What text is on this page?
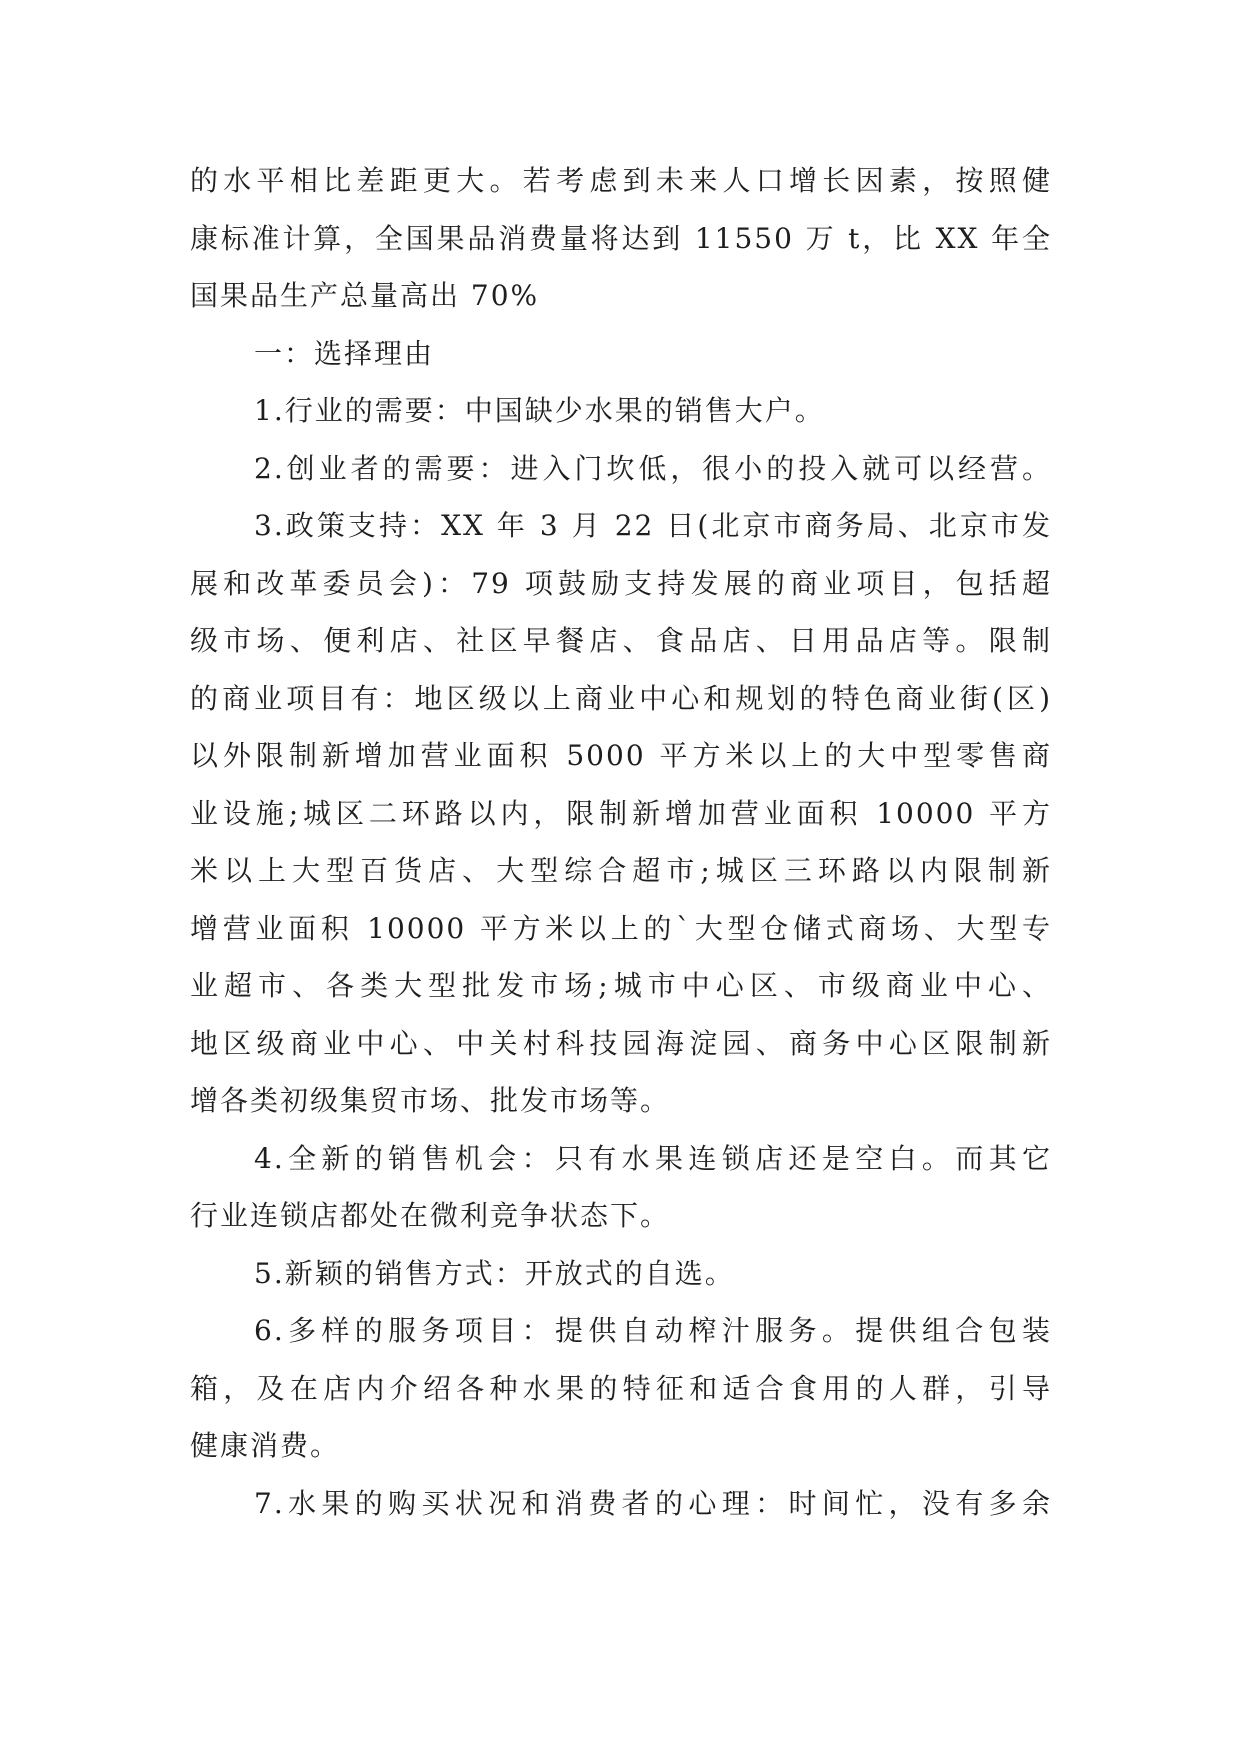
的水平相比差距更大。若考虑到未来人口增长因素，按照健
康标准计算，全国果品消费量将达到 11550 万 t，比 XX 年全
国果品生产总量高出 70%
一：选择理由
1.行业的需要：中国缺少水果的销售大户。
2.创业者的需要：进入门坎低，很小的投入就可以经营。
3.政策支持：XX 年 3 月 22 日(北京市商务局、北京市发
展和改革委员会)：79 项鼓励支持发展的商业项目，包括超
级市场、便利店、社区早餐店、食品店、日用品店等。限制
的商业项目有：地区级以上商业中心和规划的特色商业街(区)
以外限制新增加营业面积 5000 平方米以上的大中型零售商
业设施;城区二环路以内，限制新增加营业面积 10000 平方
米以上大型百货店、大型综合超市;城区三环路以内限制新
增营业面积 10000 平方米以上的`大型仓储式商场、大型专
业超市、各类大型批发市场;城市中心区、市级商业中心、
地区级商业中心、中关村科技园海淀园、商务中心区限制新
增各类初级集贸市场、批发市场等。
4.全新的销售机会：只有水果连锁店还是空白。而其它
行业连锁店都处在微利竞争状态下。
5.新颖的销售方式：开放式的自选。
6.多样的服务项目：提供自动榨汁服务。提供组合包装
箱，及在店内介绍各种水果的特征和适合食用的人群，引导
健康消费。
7.水果的购买状况和消费者的心理：时间忙，没有多余
